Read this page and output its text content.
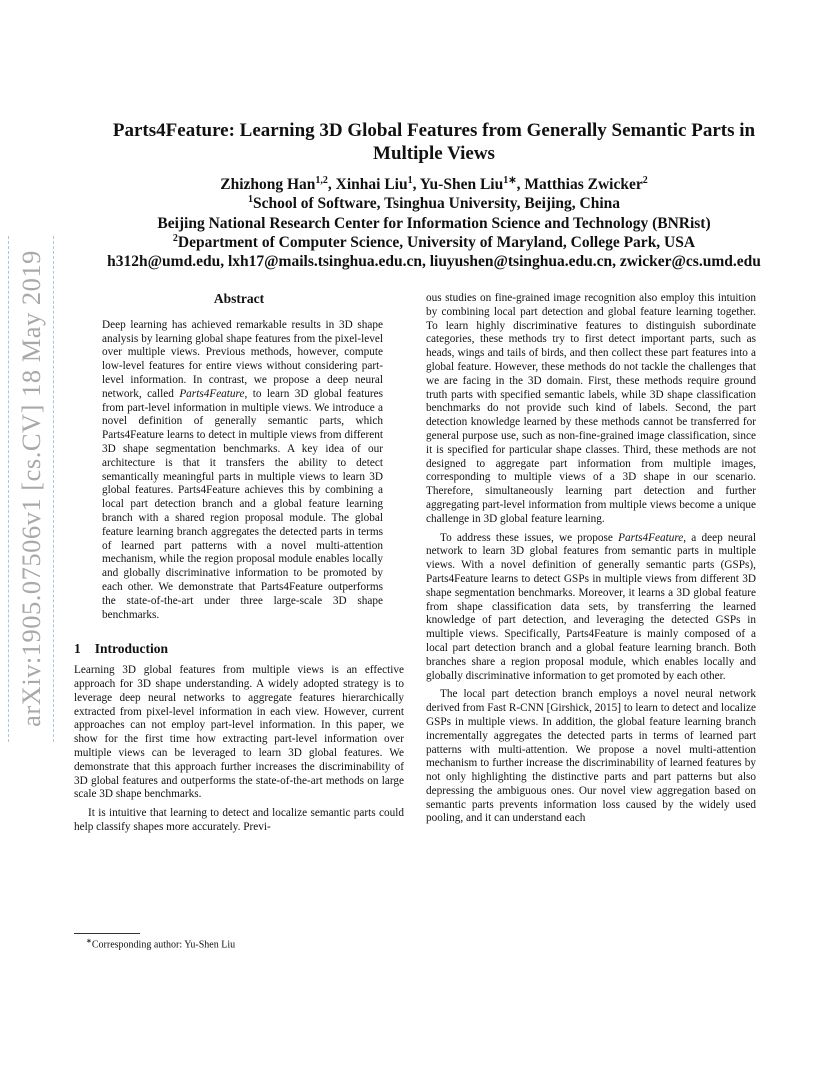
arXiv:1905.07506v1 [cs.CV] 18 May 2019
Parts4Feature: Learning 3D Global Features from Generally Semantic Parts in
Multiple Views
Zhizhong Han$^{1,2}$, Xinhai Liu$^1$, Yu-Shen Liu$^{1∗}$, Matthias Zwicker$^2$
$^1$School of Software, Tsinghua University, Beijing, China
Beijing National Research Center for Information Science and Technology (BNRist)
$^2$Department of Computer Science, University of Maryland, College Park, USA
h312h@umd.edu, lxh17@mails.tsinghua.edu.cn, liuyushen@tsinghua.edu.cn, zwicker@cs.umd.edu
Abstract

Deep learning has achieved remarkable results in 3D shape analysis by learning global shape features from the pixel-level over multiple views. Previous methods, however, compute low-level features for entire views without considering part-level information. In contrast, we propose a deep neural network, called Parts4Feature, to learn 3D global features from part-level information in multiple views. We introduce a novel definition of generally semantic parts, which Parts4Feature learns to detect in multiple views from different 3D shape segmentation benchmarks. A key idea of our architecture is that it transfers the ability to detect semantically meaningful parts in multiple views to learn 3D global features. Parts4Feature achieves this by combining a local part detection branch and a global feature learning branch with a shared region proposal module. The global feature learning branch aggregates the detected parts in terms of learned part patterns with a novel multi-attention mechanism, while the region proposal module enables locally and globally discriminative information to be promoted by each other. We demonstrate that Parts4Feature outperforms the state-of-the-art under three large-scale 3D shape benchmarks.

1 Introduction

Learning 3D global features from multiple views is an effective approach for 3D shape understanding. A widely adopted strategy is to leverage deep neural networks to aggregate features hierarchically extracted from pixel-level information in each view. However, current approaches can not employ part-level information. In this paper, we show for the first time how extracting part-level information over multiple views can be leveraged to learn 3D global features. We demonstrate that this approach further increases the discriminability of 3D global features and outperforms the state-of-the-art methods on large scale 3D shape benchmarks.

It is intuitive that learning to detect and localize semantic parts could help classify shapes more accurately. Previ-

∗Corresponding author: Yu-Shen Liu

ous studies on fine-grained image recognition also employ this intuition by combining local part detection and global feature learning together. To learn highly discriminative features to distinguish subordinate categories, these methods try to first detect important parts, such as heads, wings and tails of birds, and then collect these part features into a global feature. However, these methods do not tackle the challenges that we are facing in the 3D domain. First, these methods require ground truth parts with specified semantic labels, while 3D shape classification benchmarks do not provide such kind of labels. Second, the part detection knowledge learned by these methods cannot be transferred for general purpose use, such as non-fine-grained image classification, since it is specified for particular shape classes. Third, these methods are not designed to aggregate part information from multiple images, corresponding to multiple views of a 3D shape in our scenario. Therefore, simultaneously learning part detection and further aggregating part-level information from multiple views become a unique challenge in 3D global feature learning.

To address these issues, we propose Parts4Feature, a deep neural network to learn 3D global features from semantic parts in multiple views. With a novel definition of generally semantic parts (GSPs), Parts4Feature learns to detect GSPs in multiple views from different 3D shape segmentation benchmarks. Moreover, it learns a 3D global feature from shape classification data sets, by transferring the learned knowledge of part detection, and leveraging the detected GSPs in multiple views. Specifically, Parts4Feature is mainly composed of a local part detection branch and a global feature learning branch. Both branches share a region proposal module, which enables locally and globally discriminative information to get promoted by each other.

The local part detection branch employs a novel neural network derived from Fast R-CNN [Girshick, 2015] to learn to detect and localize GSPs in multiple views. In addition, the global feature learning branch incrementally aggregates the detected parts in terms of learned part patterns with multi-attention. We propose a novel multi-attention mechanism to further increase the discriminability of learned features by not only highlighting the distinctive parts and part patterns but also depressing the ambiguous ones. Our novel view aggregation based on semantic parts prevents information loss caused by the widely used pooling, and it can understand each
